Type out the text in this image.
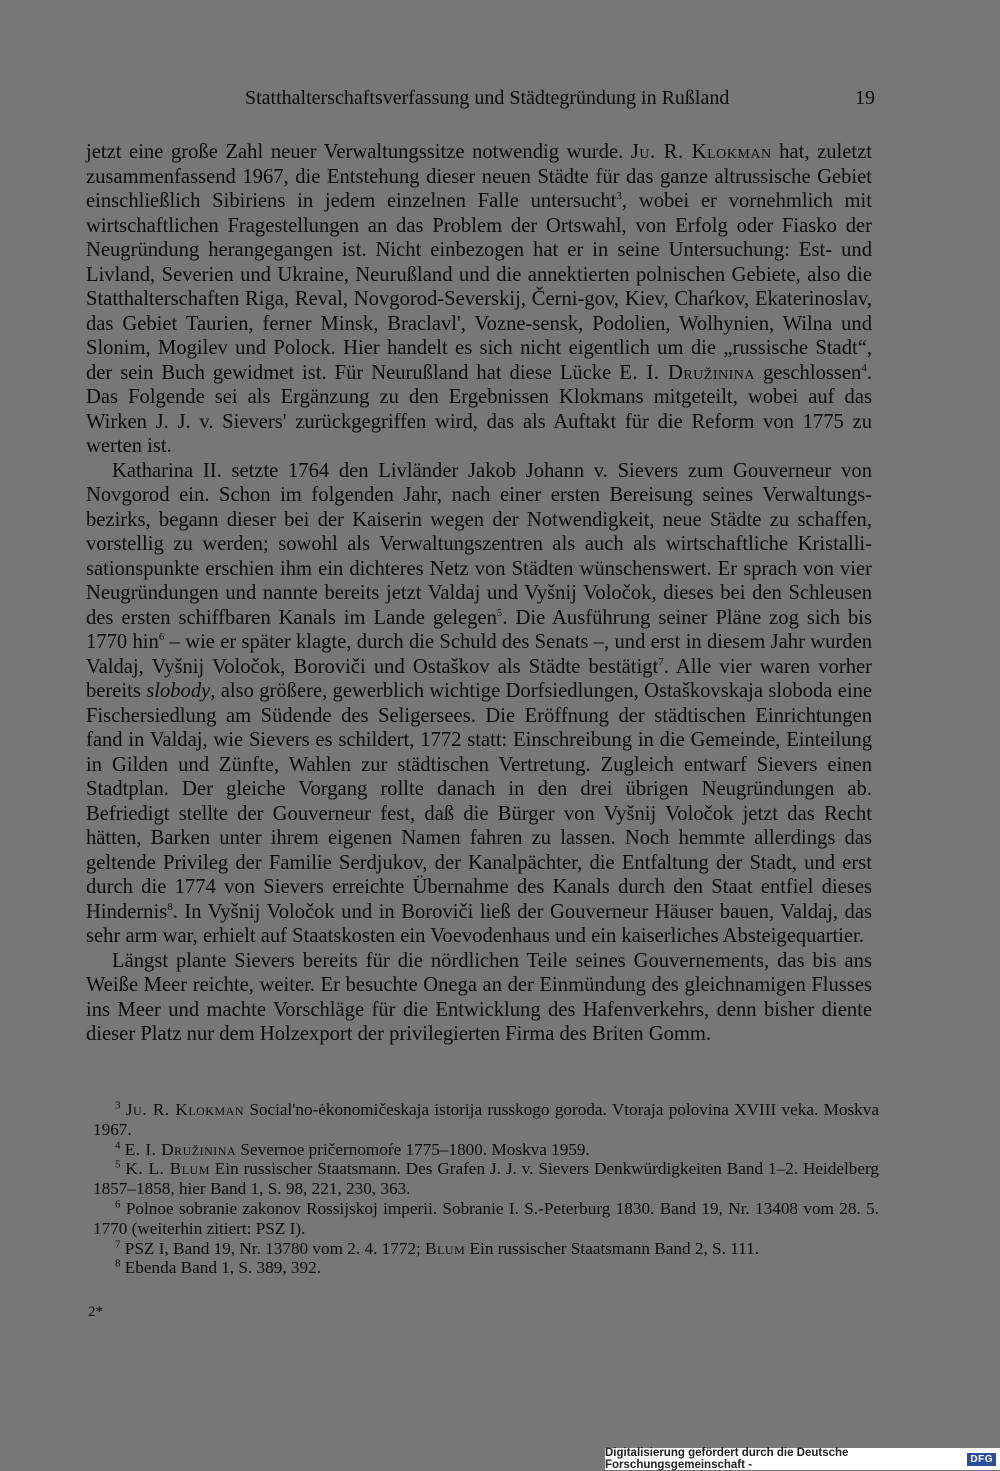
Statthalterschaftsverfassung und Städtegründung in Rußland	19

jetzt eine große Zahl neuer Verwaltungssitze notwendig wurde. Ju. R. Klokman hat, zuletzt zusammenfassend 1967, die Entstehung dieser neuen Städte für das ganze altrussische Gebiet einschließlich Sibiriens in jedem einzelnen Falle untersucht$^3$, wobei er vornehmlich mit wirtschaftlichen Fragestellungen an das Problem der Ortswahl, von Erfolg oder Fiasko der Neugründung herangegangen ist. Nicht einbezogen hat er in seine Untersuchung: Est- und Livland, Severien und Ukraine, Neurußland und die annektierten polnischen Gebiete, also die Statthalterschaften Riga, Reval, Novgorod-Severskij, Černi-gov, Kiev, Chaŕkov, Ekaterinoslav, das Gebiet Taurien, ferner Minsk, Braclavl', Vozne-sensk, Podolien, Wolhynien, Wilna und Slonim, Mogilev und Polock. Hier handelt es sich nicht eigentlich um die „russische Stadt“, der sein Buch gewidmet ist. Für Neurußland hat diese Lücke E. I. Družinina geschlossen$^4$. Das Folgende sei als Ergänzung zu den Ergebnissen Klokmans mitgeteilt, wobei auf das Wirken J. J. v. Sievers' zurückgegriffen wird, das als Auftakt für die Reform von 1775 zu werten ist.

Katharina II. setzte 1764 den Livländer Jakob Johann v. Sievers zum Gouverneur von Novgorod ein. Schon im folgenden Jahr, nach einer ersten Bereisung seines Verwaltungs-bezirks, begann dieser bei der Kaiserin wegen der Notwendigkeit, neue Städte zu schaffen, vorstellig zu werden; sowohl als Verwaltungszentren als auch als wirtschaftliche Kristalli-sationspunkte erschien ihm ein dichteres Netz von Städten wünschenswert. Er sprach von vier Neugründungen und nannte bereits jetzt Valdaj und Vyšnij Voločok, dieses bei den Schleusen des ersten schiffbaren Kanals im Lande gelegen$^5$. Die Ausführung seiner Pläne zog sich bis 1770 hin$^6$ – wie er später klagte, durch die Schuld des Senats –, und erst in diesem Jahr wurden Valdaj, Vyšnij Voločok, Boroviči und Ostaškov als Städte bestätigt$^7$. Alle vier waren vorher bereits slobody, also größere, gewerblich wichtige Dorfsiedlungen, Ostaškovskaja sloboda eine Fischersiedlung am Südende des Seligersees. Die Eröffnung der städtischen Einrichtungen fand in Valdaj, wie Sievers es schildert, 1772 statt: Einschreibung in die Gemeinde, Einteilung in Gilden und Zünfte, Wahlen zur städtischen Vertretung. Zugleich entwarf Sievers einen Stadtplan. Der gleiche Vorgang rollte danach in den drei übrigen Neugründungen ab. Befriedigt stellte der Gouverneur fest, daß die Bürger von Vyšnij Voločok jetzt das Recht hätten, Barken unter ihrem eigenen Namen fahren zu lassen. Noch hemmte allerdings das geltende Privileg der Familie Serdjukov, der Kanalpächter, die Entfaltung der Stadt, und erst durch die 1774 von Sievers erreichte Übernahme des Kanals durch den Staat entfiel dieses Hindernis$^8$. In Vyšnij Voločok und in Boroviči ließ der Gouverneur Häuser bauen, Valdaj, das sehr arm war, erhielt auf Staatskosten ein Voevodenhaus und ein kaiserliches Absteigequartier.

Längst plante Sievers bereits für die nördlichen Teile seines Gouvernements, das bis ans Weiße Meer reichte, weiter. Er besuchte Onega an der Einmündung des gleichnamigen Flusses ins Meer und machte Vorschläge für die Entwicklung des Hafenverkehrs, denn bisher diente dieser Platz nur dem Holzexport der privilegierten Firma des Briten Gomm.

$^3$ Ju. R. Klokman Social'no-ėkonomičeskaja istorija russkogo goroda. Vtoraja polovina XVIII veka. Moskva 1967.

$^4$ E. I. Družinina Severnoe pričernomoŕe 1775–1800. Moskva 1959.

$^5$ K. L. Blum Ein russischer Staatsmann. Des Grafen J. J. v. Sievers Denkwürdigkeiten Band 1–2. Heidelberg 1857–1858, hier Band 1, S. 98, 221, 230, 363.

$^6$ Polnoe sobranie zakonov Rossijskoj imperii. Sobranie I. S.-Peterburg 1830. Band 19, Nr. 13408 vom 28. 5. 1770 (weiterhin zitiert: PSZ I).

$^7$ PSZ I, Band 19, Nr. 13780 vom 2. 4. 1772; Blum Ein russischer Staatsmann Band 2, S. 111.

$^8$ Ebenda Band 1, S. 389, 392.

2*
Digitalisierung gefördert durch die Deutsche Forschungsgemeinschaft -	DFG
